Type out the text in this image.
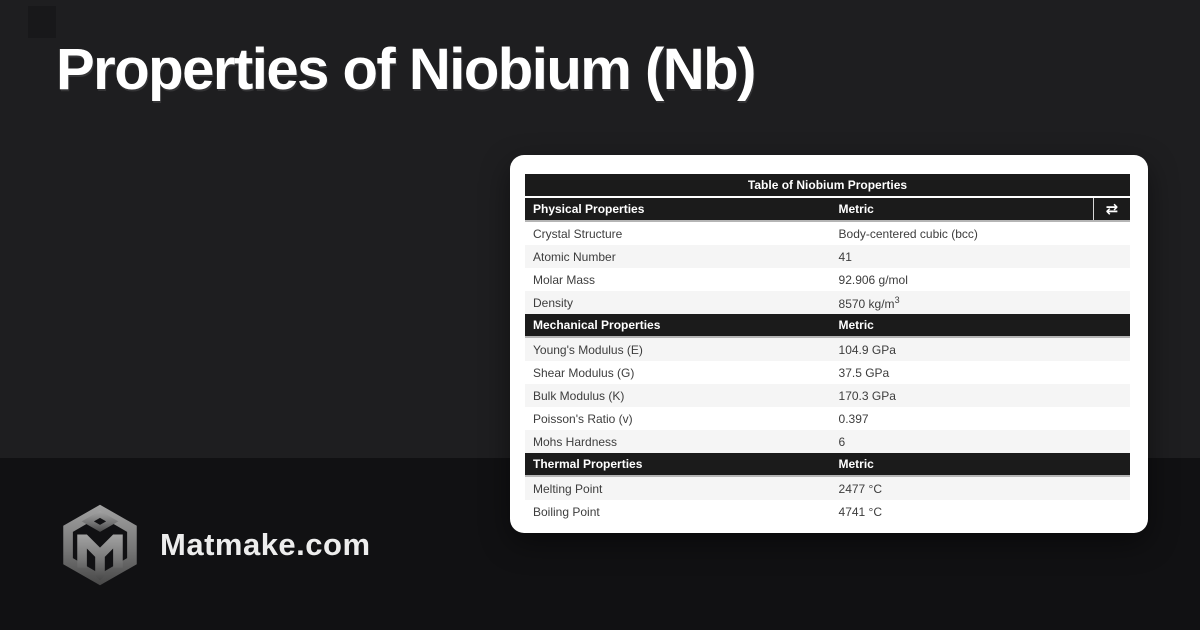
Properties of Niobium (Nb)
Table of Niobium Properties
Physical Properties	Metric	⇄
Crystal Structure	Body-centered cubic (bcc)
Atomic Number	41
Molar Mass	92.906 g/mol
Density	8570 $kg/m^3$
Mechanical Properties	Metric
Young's Modulus (E)	104.9 GPa
Shear Modulus (G)	37.5 GPa
Bulk Modulus (K)	170.3 GPa
Poisson's Ratio (v)	0.397
Mohs Hardness	6
Thermal Properties	Metric
Melting Point	2477 °C
Boiling Point	4741 °C
Matmake.com
